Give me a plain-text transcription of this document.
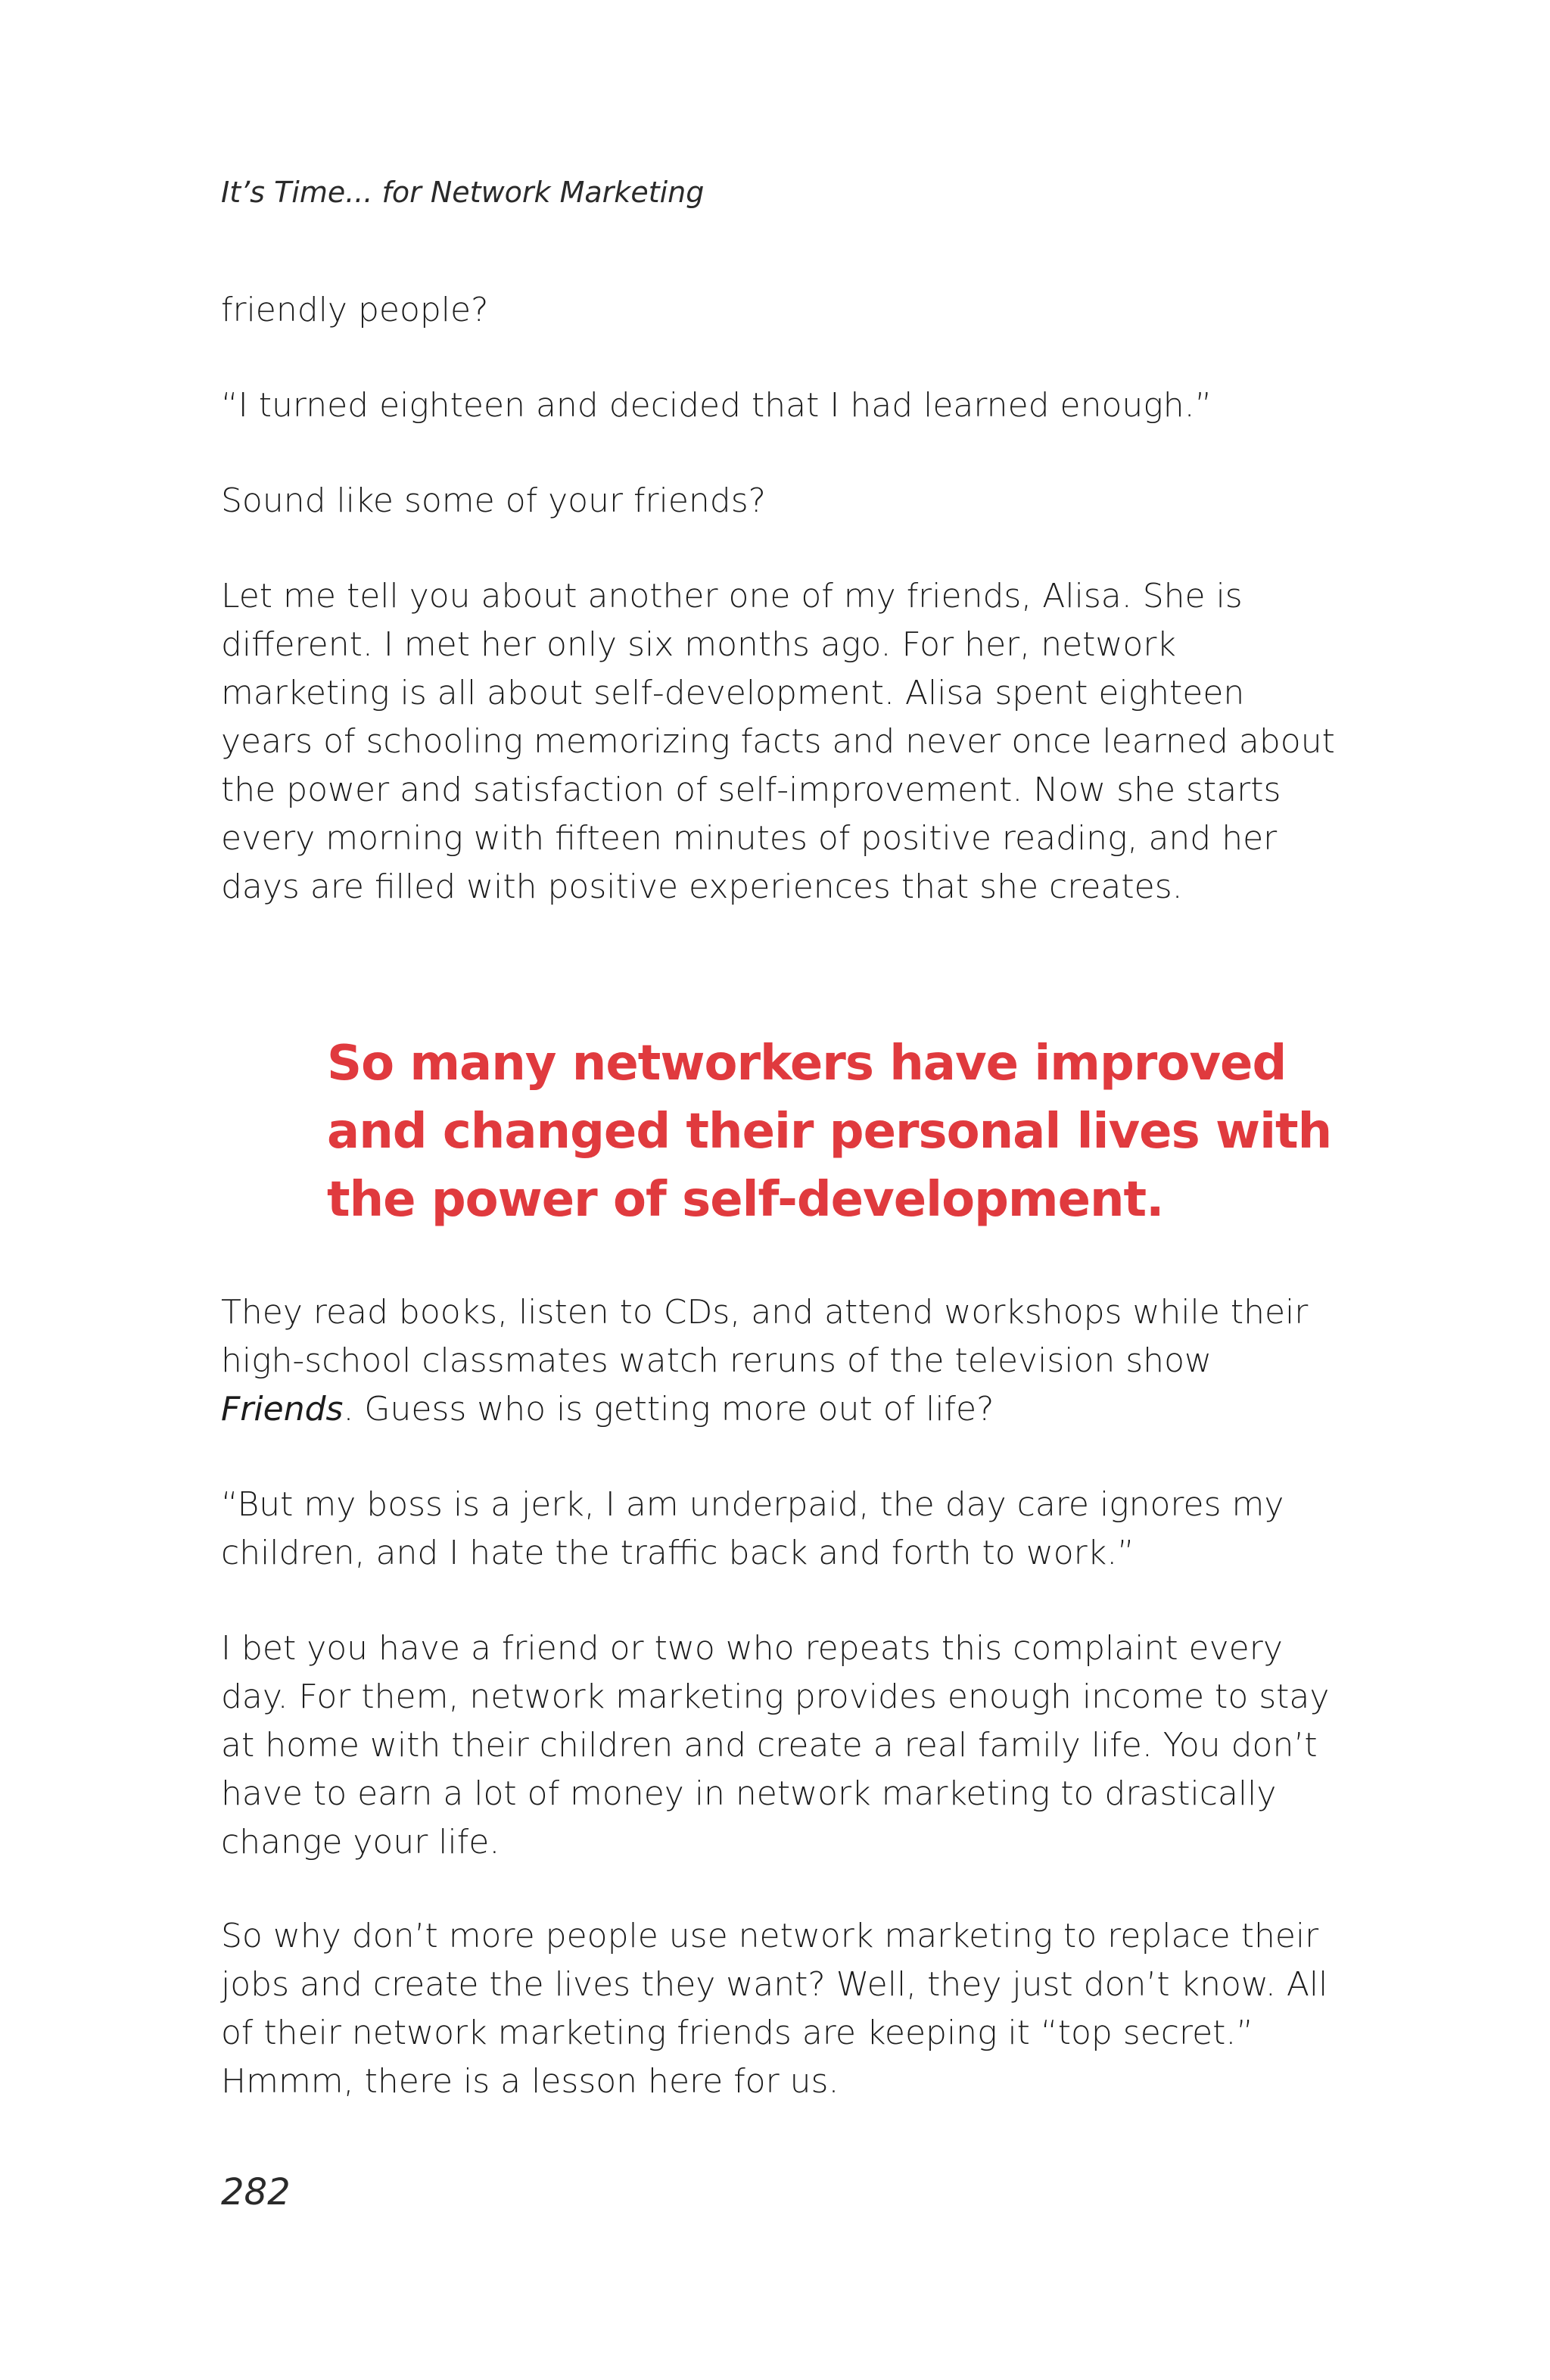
It’s Time... for Network Marketing

friendly people?

“I turned eighteen and decided that I had learned enough.”

Sound like some of your friends?

Let me tell you about another one of my friends, Alisa. She is different. I met her only six months ago. For her, network marketing is all about self-development. Alisa spent eighteen years of schooling memorizing facts and never once learned about the power and satisfaction of self-improvement. Now she starts every morning with fifteen minutes of positive reading, and her days are filled with positive experiences that she creates.

So many networkers have improved and changed their personal lives with the power of self-development.

They read books, listen to CDs, and attend workshops while their high-school classmates watch reruns of the television show Friends. Guess who is getting more out of life?

“But my boss is a jerk, I am underpaid, the day care ignores my children, and I hate the traffic back and forth to work.”

I bet you have a friend or two who repeats this complaint every day. For them, network marketing provides enough income to stay at home with their children and create a real family life. You don’t have to earn a lot of money in network marketing to drastically change your life.

So why don’t more people use network marketing to replace their jobs and create the lives they want? Well, they just don’t know. All of their network marketing friends are keeping it “top secret.” Hmmm, there is a lesson here for us.

282
